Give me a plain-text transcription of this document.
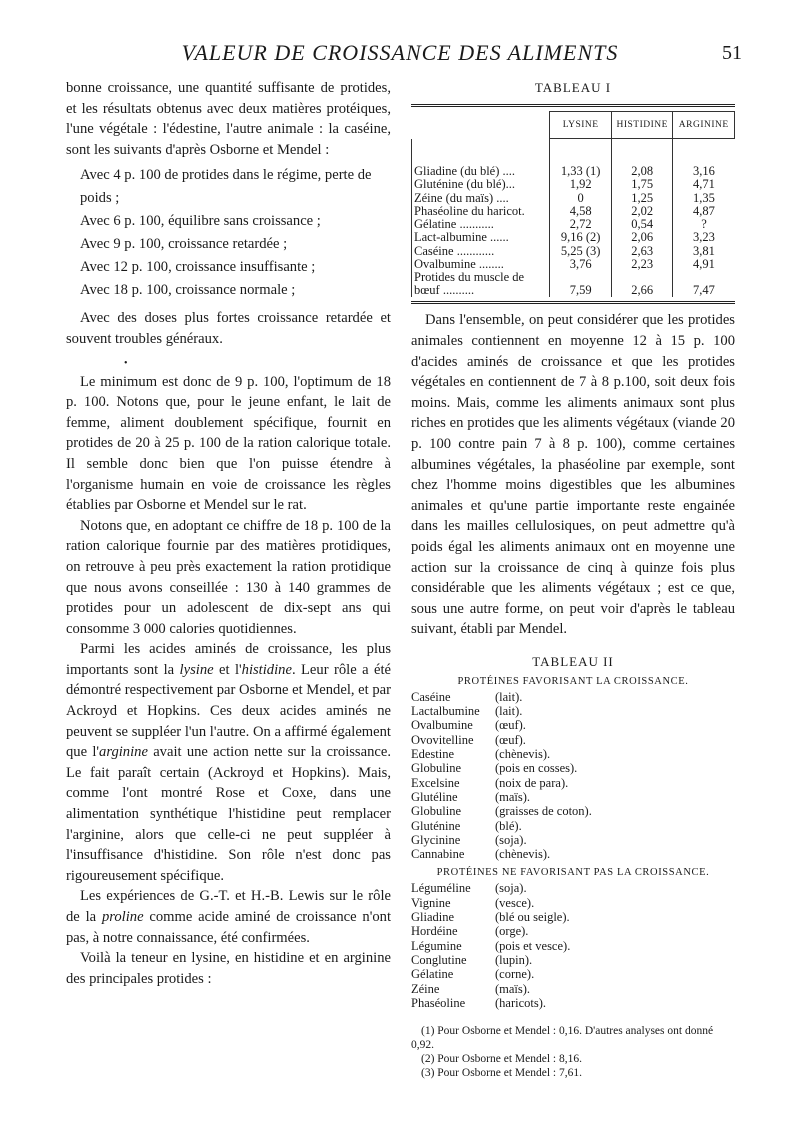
VALEUR DE CROISSANCE DES ALIMENTS	51

bonne croissance, une quantité suffisante de protides, et les résultats obtenus avec deux matières protéiques, l'une végétale : l'édestine, l'autre animale : la caséine, sont les suivants d'après Osborne et Mendel :

Avec 4 p. 100 de protides dans le régime, perte de poids ;
Avec 6 p. 100, équilibre sans croissance ;
Avec 9 p. 100, croissance retardée ;
Avec 12 p. 100, croissance insuffisante ;
Avec 18 p. 100, croissance normale ;

Avec des doses plus fortes croissance retardée et souvent troubles généraux.

•

Le minimum est donc de 9 p. 100, l'optimum de 18 p. 100. Notons que, pour le jeune enfant, le lait de femme, aliment doublement spécifique, fournit en protides de 20 à 25 p. 100 de la ration calorique totale. Il semble donc bien que l'on puisse étendre à l'organisme humain en voie de croissance les règles établies par Osborne et Mendel sur le rat.

Notons que, en adoptant ce chiffre de 18 p. 100 de la ration calorique fournie par des matières protidiques, on retrouve à peu près exactement la ration protidique que nous avons conseillée : 130 à 140 grammes de protides pour un adolescent de dix-sept ans qui consomme 3 000 calories quotidiennes.

Parmi les acides aminés de croissance, les plus importants sont la lysine et l'histidine. Leur rôle a été démontré respectivement par Osborne et Mendel, et par Ackroyd et Hopkins. Ces deux acides aminés ne peuvent se suppléer l'un l'autre. On a affirmé également que l'arginine avait une action nette sur la croissance. Le fait paraît certain (Ackroyd et Hopkins). Mais, comme l'ont montré Rose et Coxe, dans une alimentation synthétique l'histidine peut remplacer l'arginine, alors que celle-ci ne peut suppléer à l'insuffisance d'histidine. Son rôle n'est donc pas rigoureusement spécifique.

Les expériences de G.-T. et H.-B. Lewis sur le rôle de la proline comme acide aminé de croissance n'ont pas, à notre connaissance, été confirmées.

Voilà la teneur en lysine, en histidine et en arginine des principales protides :

TABLEAU I
	LYSINE	HISTIDINE	ARGININE

Gliadine (du blé) ....	1,33 (1)	2,08	3,16
Gluténine (du blé)...	1,92	1,75	4,71
Zéine (du maïs) ....	0	1,25	1,35
Phaséoline du haricot.	4,58	2,02	4,87
Gélatine ...........	2,72	0,54	?
Lact-albumine ......	9,16 (2)	2,06	3,23
Caséine ............	5,25 (3)	2,63	3,81
Ovalbumine ........	3,76	2,23	4,91
Protides du muscle de bœuf ..........	7,59	2,66	7,47

Dans l'ensemble, on peut considérer que les protides animales contiennent en moyenne 12 à 15 p. 100 d'acides aminés de croissance et que les protides végétales en contiennent de 7 à 8 p.100, soit deux fois moins. Mais, comme les aliments animaux sont plus riches en protides que les aliments végétaux (viande 20 p. 100 contre pain 7 à 8 p. 100), comme certaines albumines végétales, la phaséoline par exemple, sont chez l'homme moins digestibles que les albumines animales et qu'une partie importante reste engainée dans les mailles cellulosiques, on peut admettre qu'à poids égal les aliments animaux ont en moyenne une action sur la croissance de cinq à quinze fois plus considérable que les aliments végétaux ; est ce que, sous une autre forme, on peut voir d'après le tableau suivant, établi par Mendel.

TABLEAU II
PROTÉINES FAVORISANT LA CROISSANCE.
Caséine	(lait).
Lactalbumine	(lait).
Ovalbumine	(œuf).
Ovovitelline	(œuf).
Edestine	(chènevis).
Globuline	(pois en cosses).
Excelsine	(noix de para).
Glutéline	(maïs).
Globuline	(graisses de coton).
Gluténine	(blé).
Glycinine	(soja).
Cannabine	(chènevis).
PROTÉINES NE FAVORISANT PAS LA CROISSANCE.
Léguméline	(soja).
Vignine	(vesce).
Gliadine	(blé ou seigle).
Hordéine	(orge).
Légumine	(pois et vesce).
Conglutine	(lupin).
Gélatine	(corne).
Zéine	(maïs).
Phaséoline	(haricots).
(1) Pour Osborne et Mendel : 0,16. D'autres analyses ont donné 0,92.
(2) Pour Osborne et Mendel : 8,16.
(3) Pour Osborne et Mendel : 7,61.
